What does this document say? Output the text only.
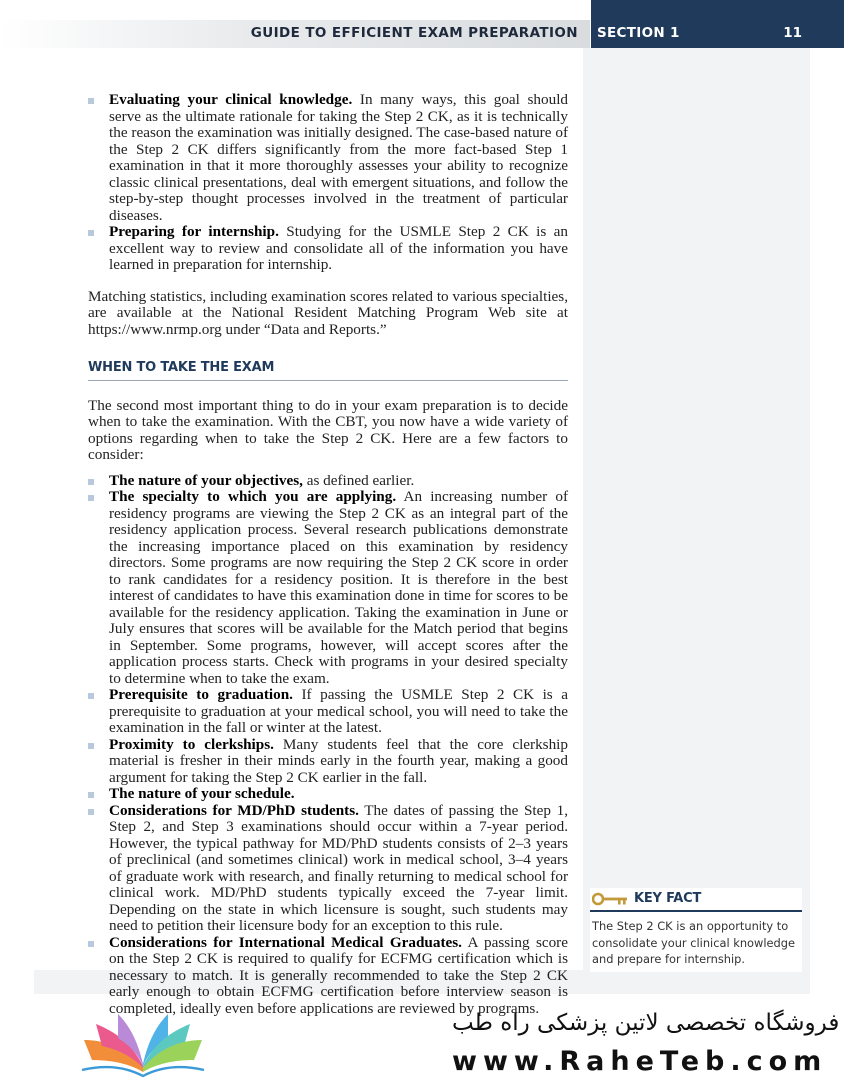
GUIDE TO EFFICIENT EXAM PREPARATION SECTION 1	11
Evaluating your clinical knowledge. In many ways, this goal should serve as the ultimate rationale for taking the Step 2 CK, as it is technically the reason the examination was initially designed. The case-based nature of the Step 2 CK differs significantly from the more fact-based Step 1 examination in that it more thoroughly assesses your ability to recognize classic clinical presentations, deal with emergent situations, and follow the step-by-step thought processes involved in the treatment of particular diseases.
Preparing for internship. Studying for the USMLE Step 2 CK is an excellent way to review and consolidate all of the information you have learned in preparation for internship.

Matching statistics, including examination scores related to various specialties, are available at the National Resident Matching Program Web site at https://www.nrmp.org under “Data and Reports.”

WHEN TO TAKE THE EXAM

The second most important thing to do in your exam preparation is to decide when to take the examination. With the CBT, you now have a wide variety of options regarding when to take the Step 2 CK. Here are a few factors to consider:

The nature of your objectives, as defined earlier.
The specialty to which you are applying. An increasing number of residency programs are viewing the Step 2 CK as an integral part of the residency application process. Several research publications demonstrate the increasing importance placed on this examination by residency directors. Some programs are now requiring the Step 2 CK score in order to rank candidates for a residency position. It is therefore in the best interest of candidates to have this examination done in time for scores to be available for the residency application. Taking the examination in June or July ensures that scores will be available for the Match period that begins in September. Some programs, however, will accept scores after the application process starts. Check with programs in your desired specialty to determine when to take the exam.
Prerequisite to graduation. If passing the USMLE Step 2 CK is a prerequisite to graduation at your medical school, you will need to take the examination in the fall or winter at the latest.
Proximity to clerkships. Many students feel that the core clerkship material is fresher in their minds early in the fourth year, making a good argument for taking the Step 2 CK earlier in the fall.
The nature of your schedule.
Considerations for MD/PhD students. The dates of passing the Step 1, Step 2, and Step 3 examinations should occur within a 7-year period. However, the typical pathway for MD/PhD students consists of 2–3 years of preclinical (and sometimes clinical) work in medical school, 3–4 years of graduate work with research, and finally returning to medical school for clinical work. MD/PhD students typically exceed the 7-year limit. Depending on the state in which licensure is sought, such students may need to petition their licensure body for an exception to this rule.
Considerations for International Medical Graduates. A passing score on the Step 2 CK is required to qualify for ECFMG certification which is necessary to match. It is generally recommended to take the Step 2 CK early enough to obtain ECFMG certification before interview season is completed, ideally even before applications are reviewed by programs.
KEY FACT
The Step 2 CK is an opportunity to consolidate your clinical knowledge and prepare for internship.
فروشگاه تخصصی لاتین پزشکی راه طب
www.RaheTeb.com
